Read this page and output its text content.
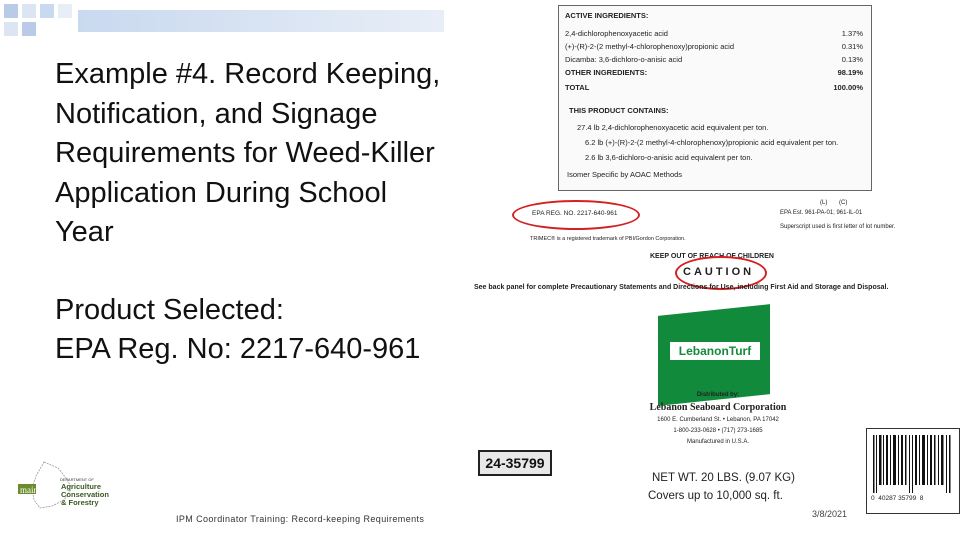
Example #4. Record Keeping, Notification, and Signage Requirements for Weed-Killer Application During School Year
Product Selected:
EPA Reg. No: 2217-640-961
DEPARTMENT OF
maine	Agriculture
Conservation
& Forestry
IPM Coordinator Training: Record-keeping Requirements	3/8/2021
ACTIVE INGREDIENTS:
2,4-dichlorophenoxyacetic acid	1.37%
(+)-(R)-2-(2 methyl-4-chlorophenoxy)propionic acid	0.31%
Dicamba: 3,6-dichloro-o-anisic acid	0.13%
OTHER INGREDIENTS:	98.19%
TOTAL	100.00%
THIS PRODUCT CONTAINS:
27.4 lb 2,4-dichlorophenoxyacetic acid equivalent per ton.
6.2 lb (+)-(R)-2-(2 methyl-4-chlorophenoxy)propionic acid equivalent per ton.
2.6 lb 3,6-dichloro-o-anisic acid equivalent per ton.
Isomer Specific by AOAC Methods
EPA REG. NO. 2217-640-961
(L)       (C)
EPA Est. 961-PA-01; 961-IL-01
Superscript used is first letter of lot number.
TRIMEC® is a registered trademark of PBI/Gordon Corporation.
KEEP OUT OF REACH OF CHILDREN
CAUTION
See back panel for complete Precautionary Statements and Directions for Use, including First Aid and Storage and Disposal.
LebanonTurf
Distributed by:
Lebanon Seaboard Corporation
1600 E. Cumberland St. • Lebanon, PA 17042
1-800-233-0628 • (717) 273-1685
Manufactured in U.S.A.
24-35799
NET WT. 20 LBS. (9.07 KG)
Covers up to 10,000 sq. ft.	0  40287 35799  8
